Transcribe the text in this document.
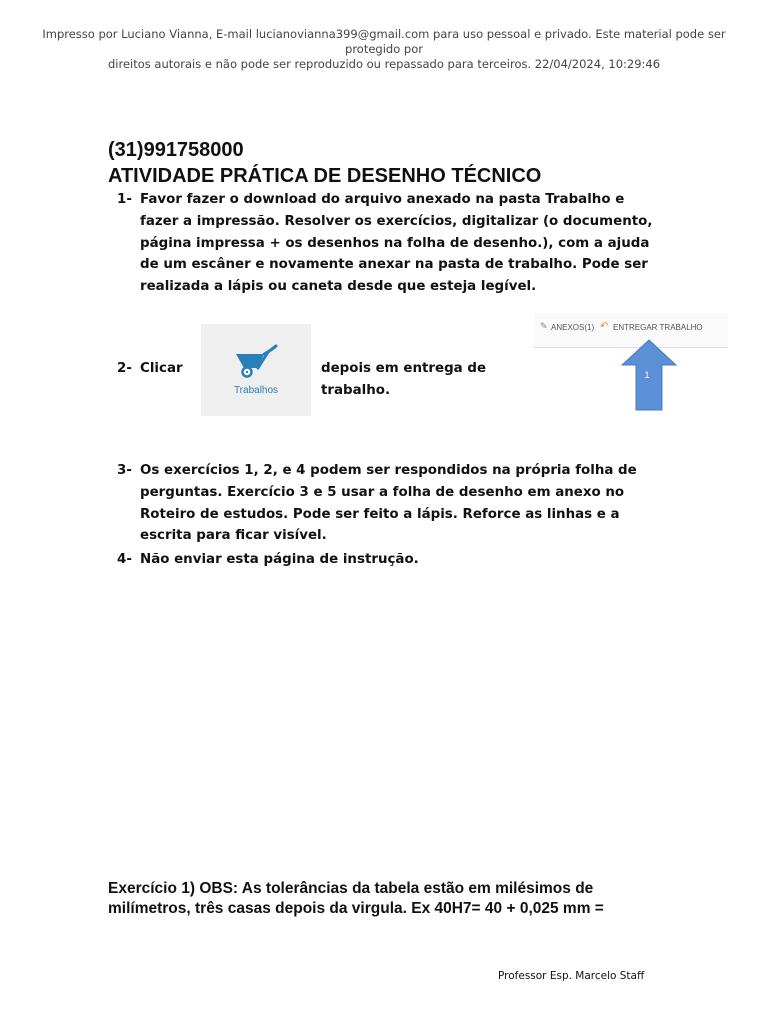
Impresso por Luciano Vianna, E-mail lucianovianna399@gmail.com para uso pessoal e privado. Este material pode ser protegido por
direitos autorais e não pode ser reproduzido ou repassado para terceiros. 22/04/2024, 10:29:46
(31)991758000
ATIVIDADE PRÁTICA DE DESENHO TÉCNICO
1- Favor fazer o download do arquivo anexado na pasta Trabalho e fazer a impressão. Resolver os exercícios, digitalizar (o documento, página impressa + os desenhos na folha de desenho.), com a ajuda de um escâner e novamente anexar na pasta de trabalho. Pode ser realizada a lápis ou caneta desde que esteja legível.
2- Clicar
Trabalhos
depois em entrega de trabalho.
✎ ANEXOS(1) ↶ ENTREGAR TRABALHO
1
3- Os exercícios 1, 2, e 4 podem ser respondidos na própria folha de perguntas. Exercício 3 e 5 usar a folha de desenho em anexo no Roteiro de estudos. Pode ser feito a lápis. Reforce as linhas e a escrita para ficar visível.
4- Não enviar esta página de instrução.
Exercício 1) OBS: As tolerâncias da tabela estão em milésimos de milímetros, três casas depois da virgula. Ex 40H7= 40 + 0,025 mm =
Professor Esp. Marcelo Staff
